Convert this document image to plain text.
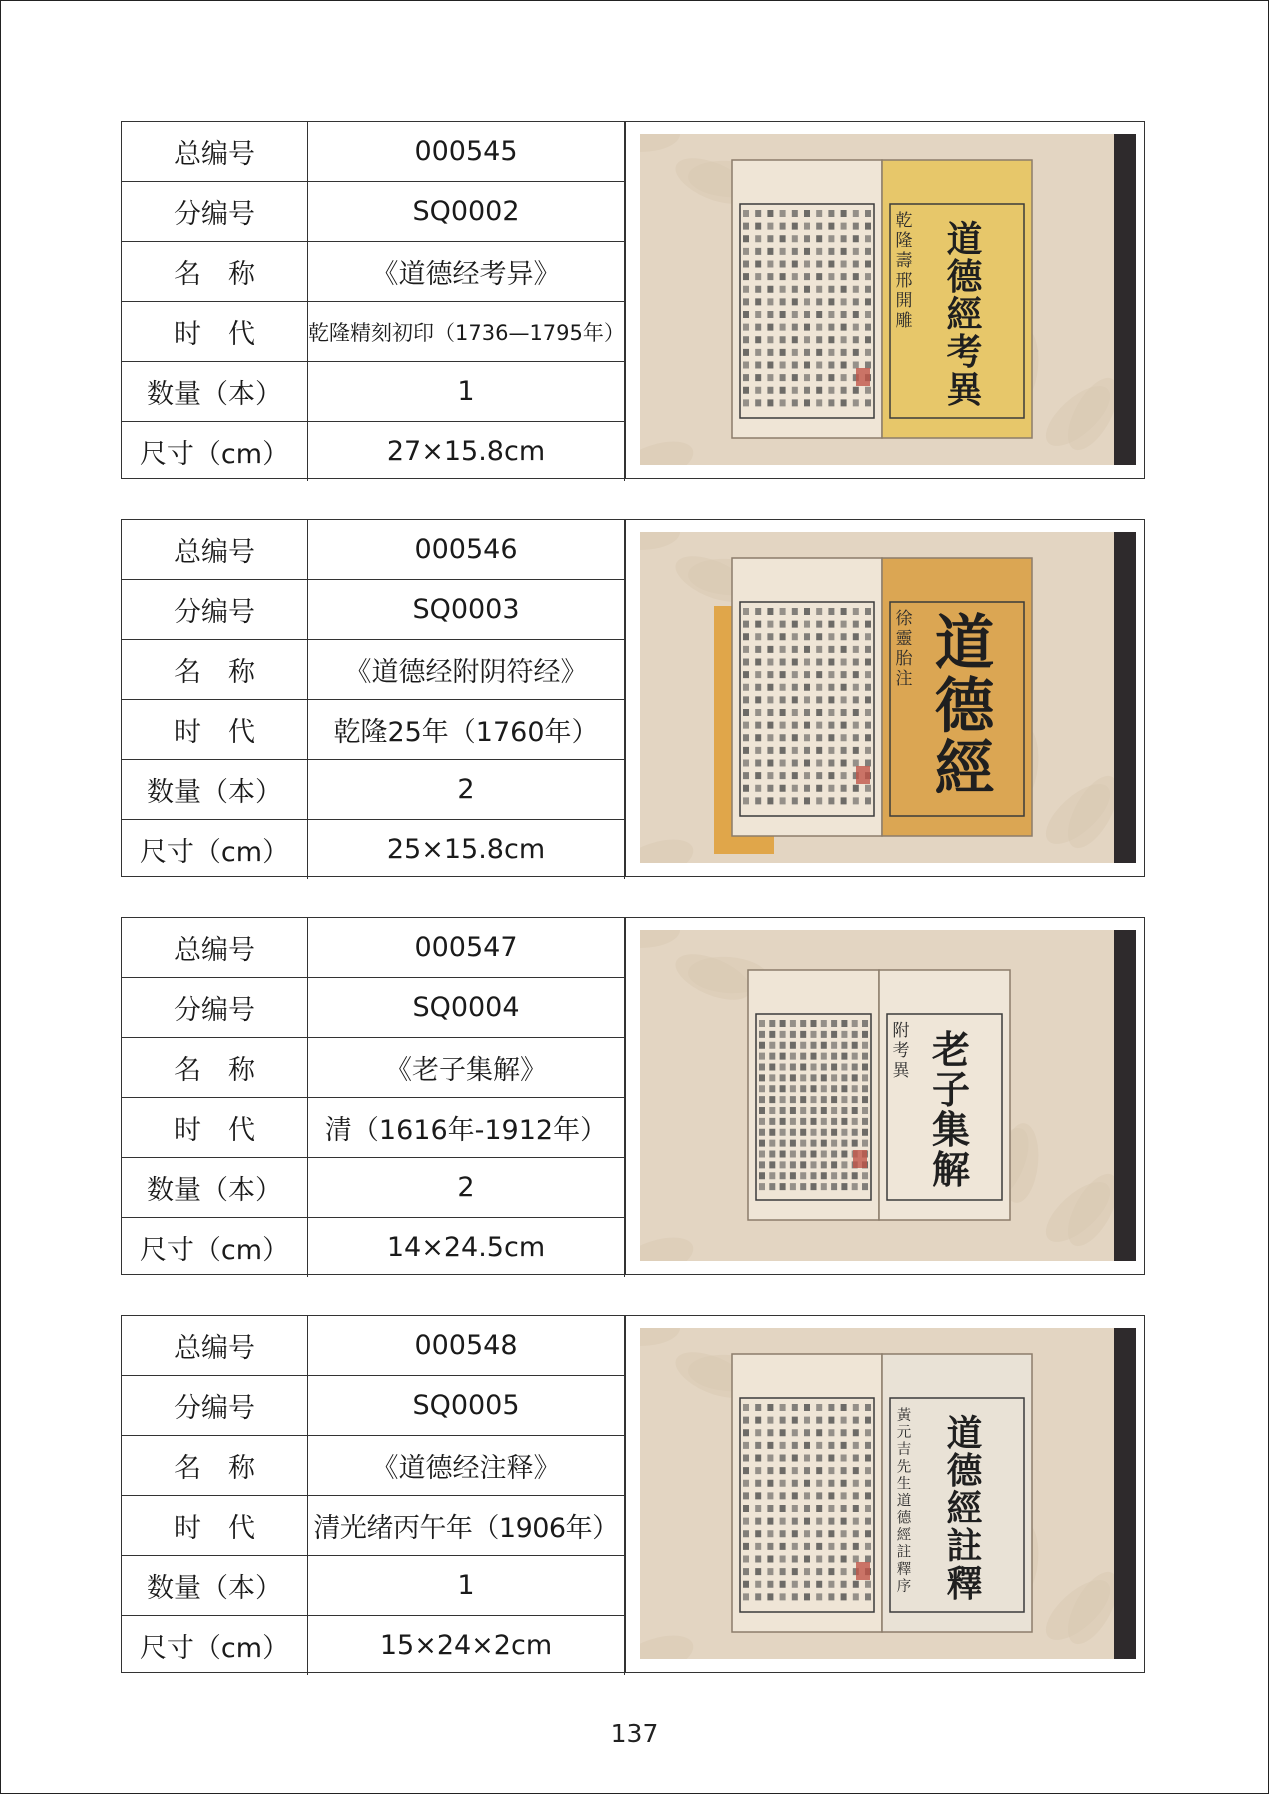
总编号	000545
分编号	SQ0002
名　称	《道德经考异》
时　代	乾隆精刻初印（1736—1795年）
数量（本）	1
尺寸（cm）	27×15.8cm
道
德
經
考
異
乾
隆
壽
邢
開
雕
总编号	000546
分编号	SQ0003
名　称	《道德经附阴符经》
时　代	乾隆25年（1760年）
数量（本）	2
尺寸（cm）	25×15.8cm
道
德
經
徐
靈
胎
注
总编号	000547
分编号	SQ0004
名　称	《老子集解》
时　代	清（1616年-1912年）
数量（本）	2
尺寸（cm）	14×24.5cm
老
子
集
解
附
考
異
总编号	000548
分编号	SQ0005
名　称	《道德经注释》
时　代	清光绪丙午年（1906年）
数量（本）	1
尺寸（cm）	15×24×2cm
道
德
經
註
釋
黃
元
吉
先
生
道
德
經
註
釋
序
137
